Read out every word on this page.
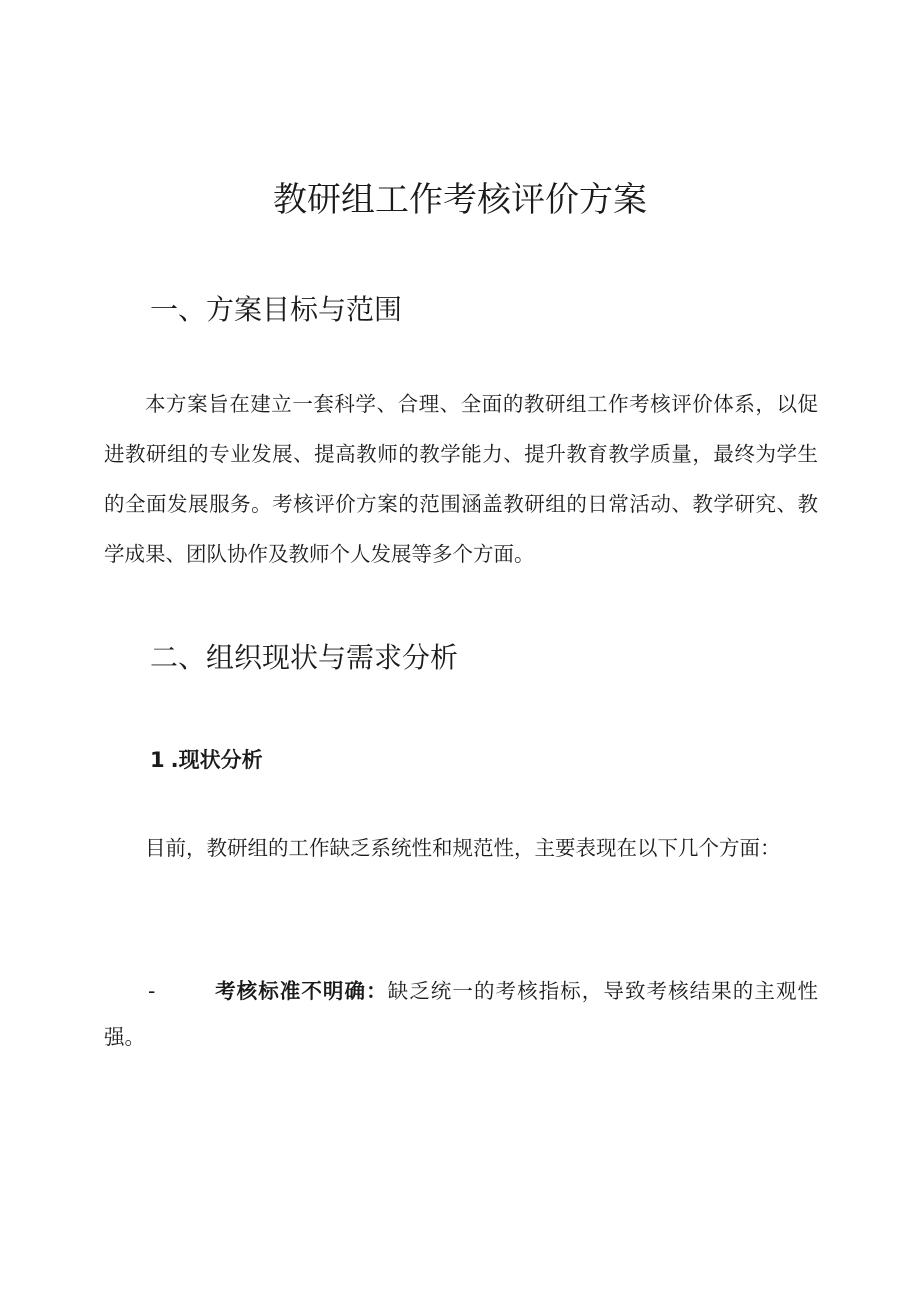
教研组工作考核评价方案
一、方案目标与范围

本方案旨在建立一套科学、合理、全面的教研组工作考核评价体系，以促进教研组的专业发展、提高教师的教学能力、提升教育教学质量，最终为学生的全面发展服务。考核评价方案的范围涵盖教研组的日常活动、教学研究、教学成果、团队协作及教师个人发展等多个方面。

二、组织现状与需求分析
1 .现状分析

目前，教研组的工作缺乏系统性和规范性，主要表现在以下几个方面：

-	考核标准不明确：缺乏统一的考核指标，导致考核结果的主观性强。
